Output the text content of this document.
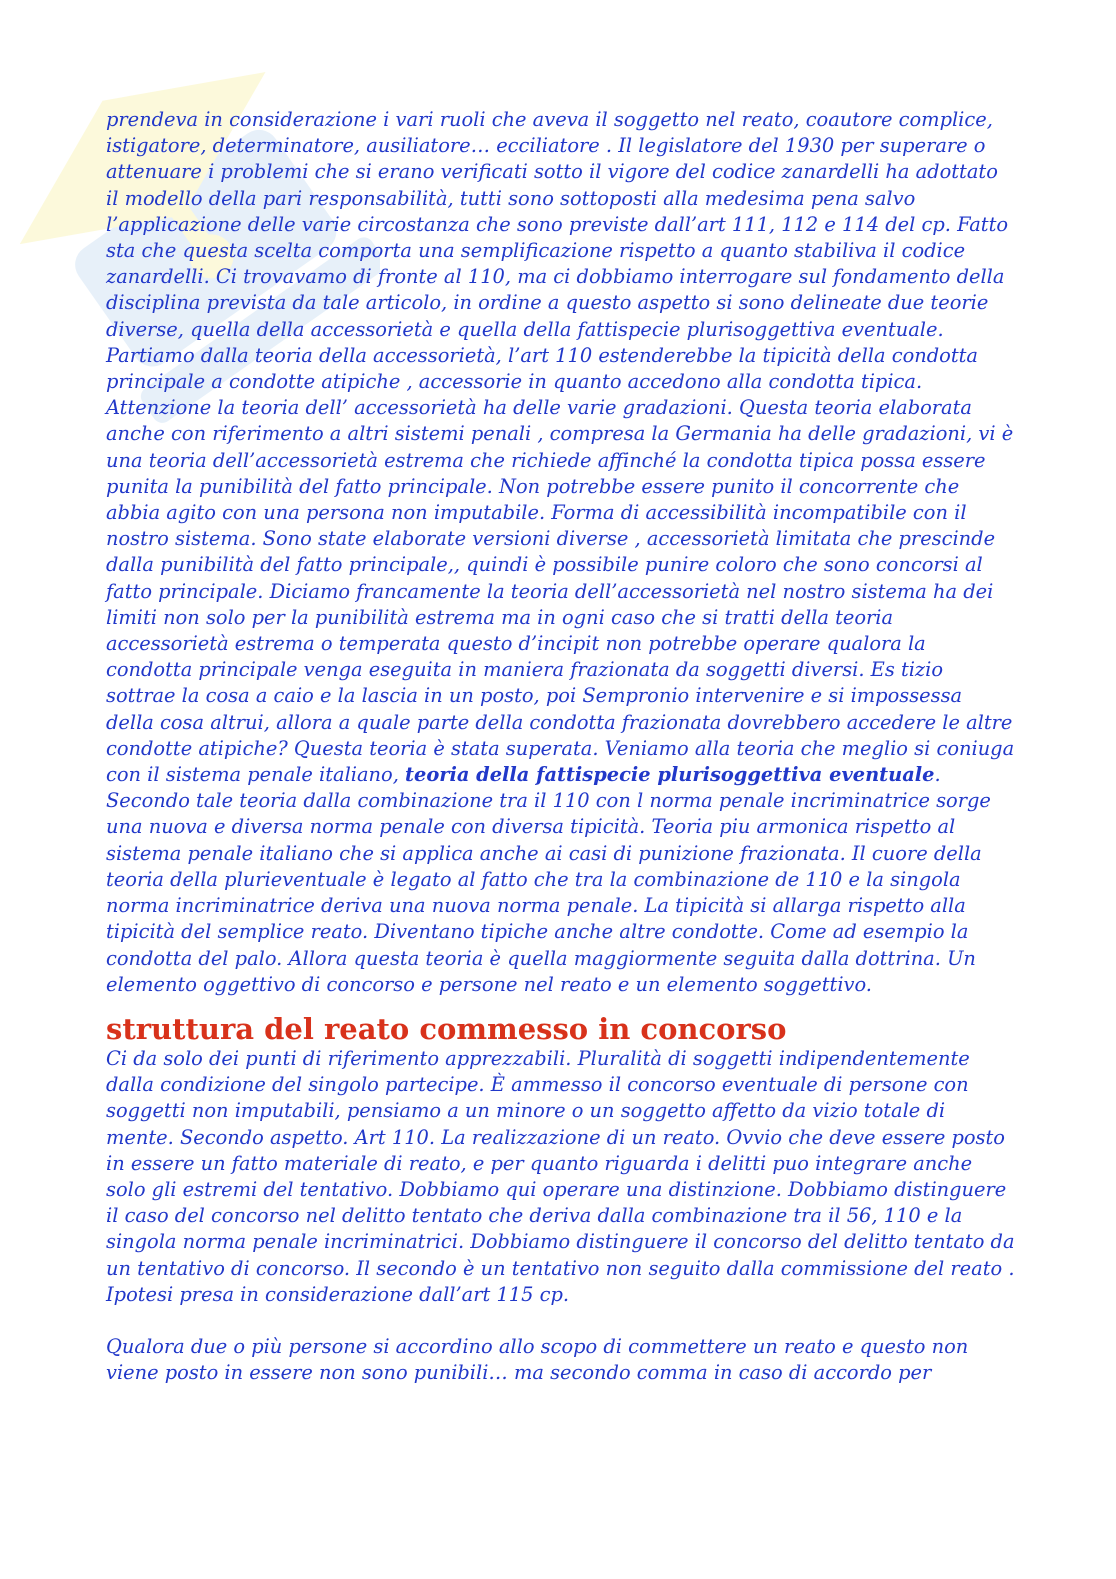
prendeva in considerazione i vari ruoli che aveva il soggetto nel reato, coautore complice, istigatore, determinatore, ausiliatore… ecciliatore . Il legislatore del 1930 per superare o attenuare i problemi che si erano verificati sotto il vigore del codice zanardelli ha adottato il modello della pari responsabilità, tutti sono sottoposti alla medesima pena salvo l’applicazione delle varie circostanza che sono previste dall’art 111, 112 e 114 del cp. Fatto sta che questa scelta comporta una semplificazione rispetto a quanto stabiliva il codice zanardelli. Ci trovavamo di fronte al 110, ma ci dobbiamo interrogare sul fondamento della disciplina prevista da tale articolo, in ordine a questo aspetto si sono delineate due teorie diverse, quella della accessorietà e quella della fattispecie plurisoggettiva eventuale. Partiamo dalla teoria della accessorietà, l’art 110 estenderebbe la tipicità della condotta principale a condotte atipiche , accessorie in quanto accedono alla condotta tipica.

Attenzione la teoria dell’ accessorietà ha delle varie gradazioni. Questa teoria elaborata anche con riferimento a altri sistemi penali , compresa la Germania ha delle gradazioni, vi è una teoria dell’accessorietà estrema che richiede affinché la condotta tipica possa essere punita la punibilità del fatto principale. Non potrebbe essere punito il concorrente che abbia agito con una persona non imputabile. Forma di accessibilità incompatibile con il nostro sistema. Sono state elaborate versioni diverse , accessorietà limitata che prescinde dalla punibilità del fatto principale,, quindi è possibile punire coloro che sono concorsi al fatto principale. Diciamo francamente la teoria dell’accessorietà nel nostro sistema ha dei limiti non solo per la punibilità estrema ma in ogni caso che si tratti della teoria accessorietà estrema o temperata questo d’incipit non potrebbe operare qualora la condotta principale venga eseguita in maniera frazionata da soggetti diversi. Es tizio sottrae la cosa a caio e la lascia in un posto, poi Sempronio intervenire e si impossessa della cosa altrui, allora a quale parte della condotta frazionata dovrebbero accedere le altre condotte atipiche? Questa teoria è stata superata. Veniamo alla teoria che meglio si coniuga con il sistema penale italiano, teoria della fattispecie plurisoggettiva eventuale.

Secondo tale teoria dalla combinazione tra il 110 con l norma penale incriminatrice sorge una nuova e diversa norma penale con diversa tipicità. Teoria piu armonica rispetto al sistema penale italiano che si applica anche ai casi di punizione frazionata. Il cuore della teoria della plurieventuale è legato al fatto che tra la combinazione de 110 e la singola norma incriminatrice deriva una nuova norma penale. La tipicità si allarga rispetto alla tipicità del semplice reato. Diventano tipiche anche altre condotte. Come ad esempio la condotta del palo. Allora questa teoria è quella maggiormente seguita dalla dottrina. Un elemento oggettivo di concorso e persone nel reato e un elemento soggettivo.

struttura del reato commesso in concorso

Ci da solo dei punti di riferimento apprezzabili. Pluralità di soggetti indipendentemente dalla condizione del singolo partecipe. È ammesso il concorso eventuale di persone con soggetti non imputabili, pensiamo a un minore o un soggetto affetto da vizio totale di mente. Secondo aspetto. Art 110. La realizzazione di un reato. Ovvio che deve essere posto in essere un fatto materiale di reato, e per quanto riguarda i delitti puo integrare anche solo gli estremi del tentativo. Dobbiamo qui operare una distinzione. Dobbiamo distinguere il caso del concorso nel delitto tentato che deriva dalla combinazione tra il 56, 110 e la singola norma penale incriminatrici. Dobbiamo distinguere il concorso del delitto tentato da un tentativo di concorso. Il secondo è un tentativo non seguito dalla commissione del reato . Ipotesi presa in considerazione dall’art 115 cp.

Qualora due o più persone si accordino allo scopo di commettere un reato e questo non viene posto in essere non sono punibili… ma secondo comma in caso di accordo per
